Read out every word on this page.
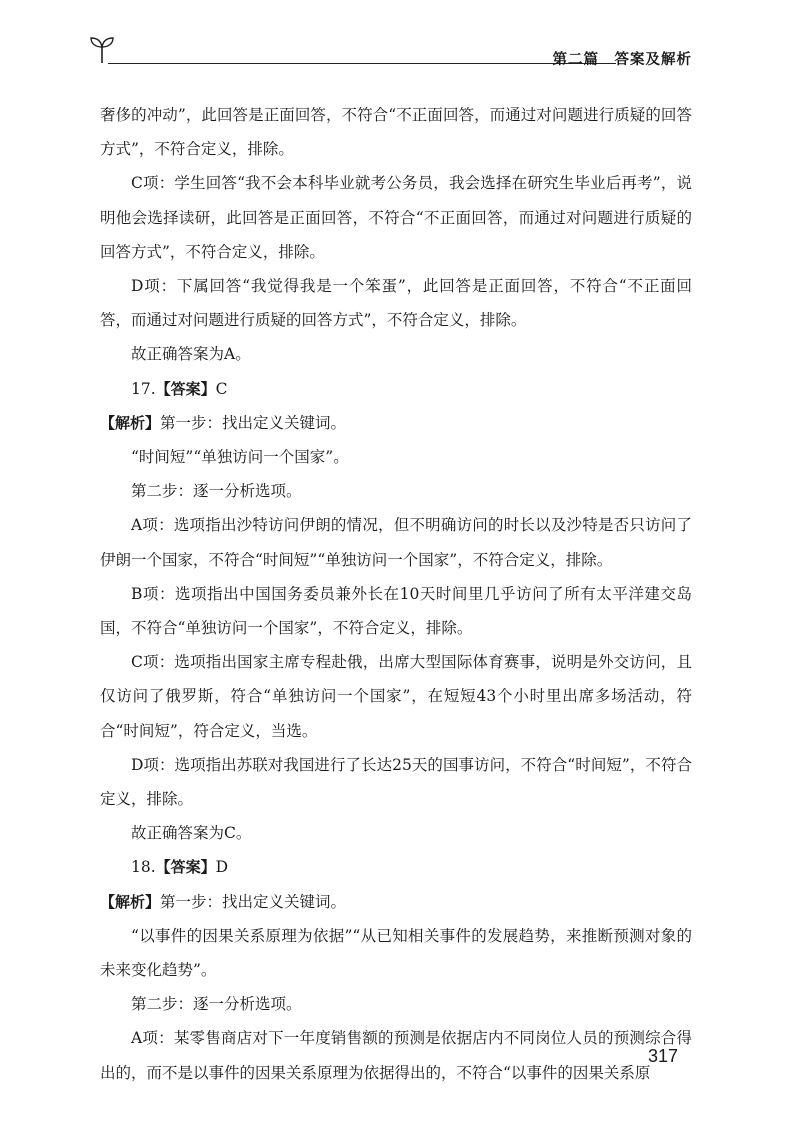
第二篇　答案及解析

奢侈的冲动”，此回答是正面回答，不符合“不正面回答，而通过对问题进行质疑的回答方式”，不符合定义，排除。

C项：学生回答“我不会本科毕业就考公务员，我会选择在研究生毕业后再考”，说明他会选择读研，此回答是正面回答，不符合“不正面回答，而通过对问题进行质疑的回答方式”，不符合定义，排除。

D项：下属回答“我觉得我是一个笨蛋”，此回答是正面回答，不符合“不正面回答，而通过对问题进行质疑的回答方式”，不符合定义，排除。

故正确答案为A。

17.【答案】C

【解析】第一步：找出定义关键词。

“时间短”“单独访问一个国家”。

第二步：逐一分析选项。

A项：选项指出沙特访问伊朗的情况，但不明确访问的时长以及沙特是否只访问了伊朗一个国家，不符合“时间短”“单独访问一个国家”，不符合定义，排除。

B项：选项指出中国国务委员兼外长在10天时间里几乎访问了所有太平洋建交岛国，不符合“单独访问一个国家”，不符合定义，排除。

C项：选项指出国家主席专程赴俄，出席大型国际体育赛事，说明是外交访问，且仅访问了俄罗斯，符合“单独访问一个国家”，在短短43个小时里出席多场活动，符合“时间短”，符合定义，当选。

D项：选项指出苏联对我国进行了长达25天的国事访问，不符合“时间短”，不符合定义，排除。

故正确答案为C。

18.【答案】D

【解析】第一步：找出定义关键词。

“以事件的因果关系原理为依据”“从已知相关事件的发展趋势，来推断预测对象的未来变化趋势”。

第二步：逐一分析选项。

A项：某零售商店对下一年度销售额的预测是依据店内不同岗位人员的预测综合得出的，而不是以事件的因果关系原理为依据得出的，不符合“以事件的因果关系原

317
